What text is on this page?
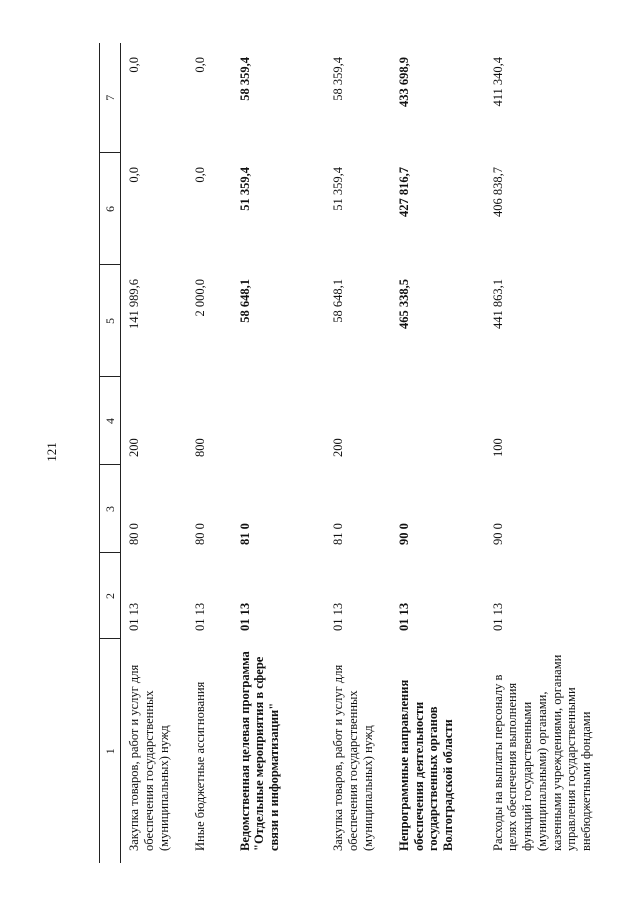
121
1	2	3	4	5	6	7
Закупка товаров, работ и услуг для обеспечения государственных (муниципальных) нужд	01 13	80 0	200	141 989,6	0,0	0,0
Иные бюджетные ассигнования	01 13	80 0	800	2 000,0	0,0	0,0
Ведомственная целевая программа "Отдельные мероприятия в сфере связи и информатизации"	01 13	81 0		58 648,1	51 359,4	58 359,4
Закупка товаров, работ и услуг для обеспечения государственных (муниципальных) нужд	01 13	81 0	200	58 648,1	51 359,4	58 359,4
Непрограммные направления обеспечения деятельности государственных органов Волгоградской области	01 13	90 0		465 338,5	427 816,7	433 698,9
Расходы на выплаты персоналу в целях обеспечения выполнения функций государственными (муниципальными) органами, казенными учреждениями, органами управления государственными внебюджетными фондами	01 13	90 0	100	441 863,1	406 838,7	411 340,4
